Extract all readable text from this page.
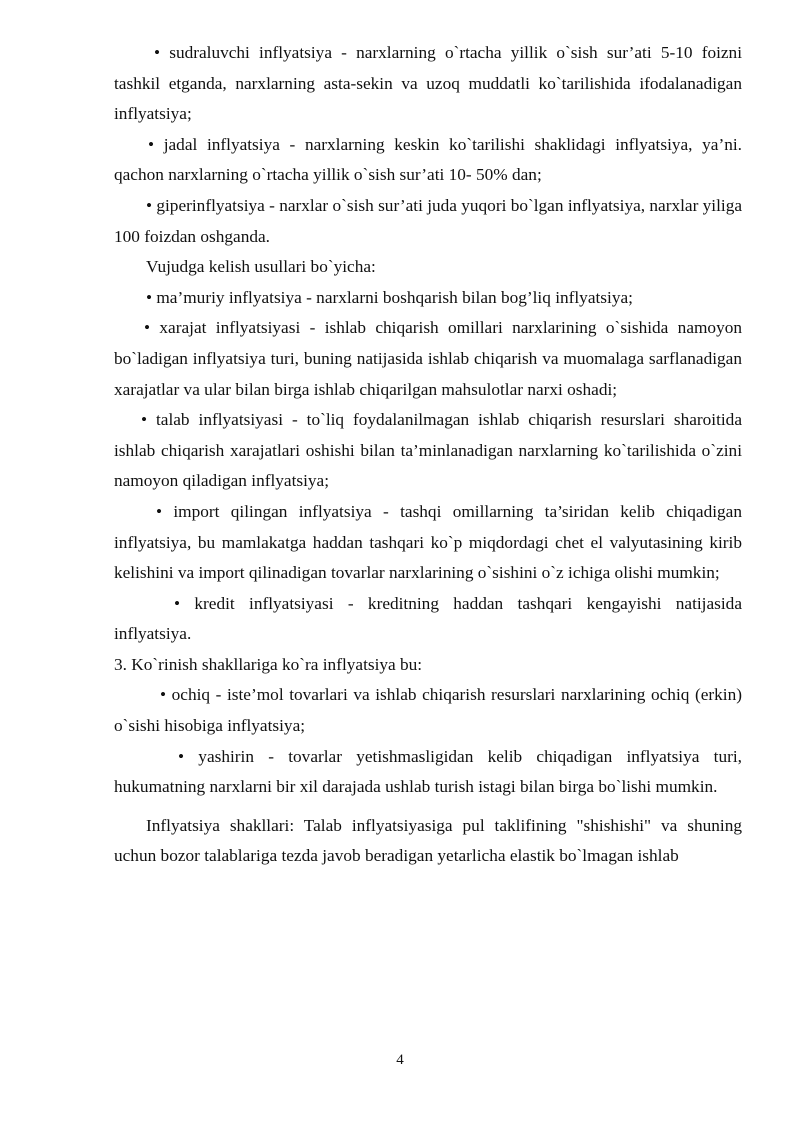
• sudraluvchi inflyatsiya - narxlarning o`rtacha yillik o`sish sur’ati 5-10 foizni tashkil etganda, narxlarning asta-sekin va uzoq muddatli ko`tarilishida ifodalanadigan inflyatsiya;

• jadal inflyatsiya - narxlarning keskin ko`tarilishi shaklidagi inflyatsiya, ya’ni. qachon narxlarning o`rtacha yillik o`sish sur’ati 10- 50% dan;

• giperinflyatsiya - narxlar o`sish sur’ati juda yuqori bo`lgan inflyatsiya, narxlar yiliga 100 foizdan oshganda.

Vujudga kelish usullari bo`yicha:

• ma’muriy inflyatsiya - narxlarni boshqarish bilan bog’liq inflyatsiya;

• xarajat inflyatsiyasi - ishlab chiqarish omillari narxlarining o`sishida namoyon bo`ladigan inflyatsiya turi, buning natijasida ishlab chiqarish va muomalaga sarflanadigan xarajatlar va ular bilan birga ishlab chiqarilgan mahsulotlar narxi oshadi;

• talab inflyatsiyasi - to`liq foydalanilmagan ishlab chiqarish resurslari sharoitida ishlab chiqarish xarajatlari oshishi bilan ta’minlanadigan narxlarning ko`tarilishida o`zini namoyon qiladigan inflyatsiya;

• import qilingan inflyatsiya - tashqi omillarning ta’siridan kelib chiqadigan inflyatsiya, bu mamlakatga haddan tashqari ko`p miqdordagi chet el valyutasining kirib kelishini va import qilinadigan tovarlar narxlarining o`sishini o`z ichiga olishi mumkin;

• kredit inflyatsiyasi - kreditning haddan tashqari kengayishi natijasida inflyatsiya.

3. Ko`rinish shakllariga ko`ra inflyatsiya bu:

• ochiq - iste’mol tovarlari va ishlab chiqarish resurslari narxlarining ochiq (erkin) o`sishi hisobiga inflyatsiya;

• yashirin - tovarlar yetishmasligidan kelib chiqadigan inflyatsiya turi, hukumatning narxlarni bir xil darajada ushlab turish istagi bilan birga bo`lishi mumkin.

Inflyatsiya shakllari: Talab inflyatsiyasiga pul taklifining "shishishi" va shuning uchun bozor talablariga tezda javob beradigan yetarlicha elastik bo`lmagan ishlab

4
